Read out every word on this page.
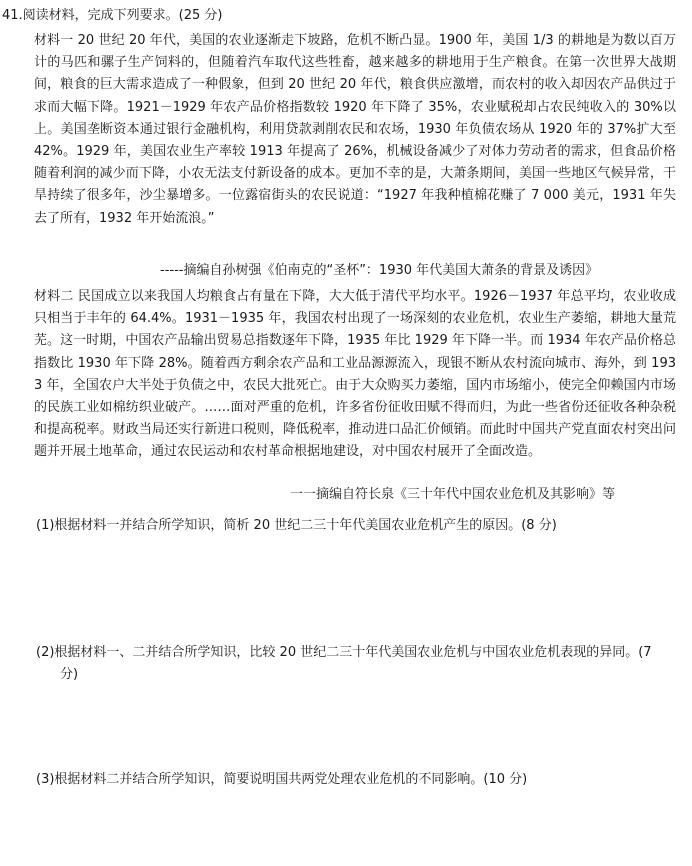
41.阅读材料，完成下列要求。(25 分)
材料一 20 世纪 20 年代，美国的农业逐渐走下坡路，危机不断凸显。1900 年，美国 1/3 的耕地是为数以百万计的马匹和骡子生产饲料的，但随着汽车取代这些牲畜，越来越多的耕地用于生产粮食。在第一次世界大战期间，粮食的巨大需求造成了一种假象，但到 20 世纪 20 年代，粮食供应激增，而农村的收入却因农产品供过于求而大幅下降。1921－1929 年农产品价格指数较 1920 年下降了 35%，农业赋税却占农民纯收入的 30%以上。美国垄断资本通过银行金融机构，利用贷款剥削农民和农场，1930 年负债农场从 1920 年的 37%扩大至 42%。1929 年，美国农业生产率较 1913 年提高了 26%，机械设备减少了对体力劳动者的需求，但食品价格随着利润的减少而下降，小农无法支付新设备的成本。更加不幸的是，大萧条期间，美国一些地区气候异常，干旱持续了很多年，沙尘暴增多。一位露宿街头的农民说道：“1927 年我种植棉花赚了 7 000 美元，1931 年失去了所有，1932 年开始流浪。”
-----摘编自孙树强《伯南克的“圣杯”：1930 年代美国大萧条的背景及诱因》
材料二 民国成立以来我国人均粮食占有量在下降，大大低于清代平均水平。1926－1937 年总平均，农业收成只相当于丰年的 64.4%。1931－1935 年，我国农村出现了一场深刻的农业危机，农业生产萎缩，耕地大量荒芜。这一时期，中国农产品输出贸易总指数逐年下降，1935 年比 1929 年下降一半。而 1934 年农产品价格总指数比 1930 年下降 28%。随着西方剩余农产品和工业品源源流入，现银不断从农村流向城市、海外，到 1933 年，全国农户大半处于负债之中，农民大批死亡。由于大众购买力萎缩，国内市场缩小，使完全仰赖国内市场的民族工业如棉纺织业破产。……面对严重的危机，许多省份征收田赋不得而归，为此一些省份还征收各种杂税和提高税率。财政当局还实行新进口税则，降低税率，推动进口品汇价倾销。而此时中国共产党直面农村突出问题并开展土地革命，通过农民运动和农村革命根据地建设，对中国农村展开了全面改造。
一一摘编自符长泉《三十年代中国农业危机及其影响》等
(1)根据材料一并结合所学知识，简析 20 世纪二三十年代美国农业危机产生的原因。(8 分)
(2)根据材料一、二并结合所学知识，比较 20 世纪二三十年代美国农业危机与中国农业危机表现的异同。(7
分)
(3)根据材料二并结合所学知识，简要说明国共两党处理农业危机的不同影响。(10 分)
